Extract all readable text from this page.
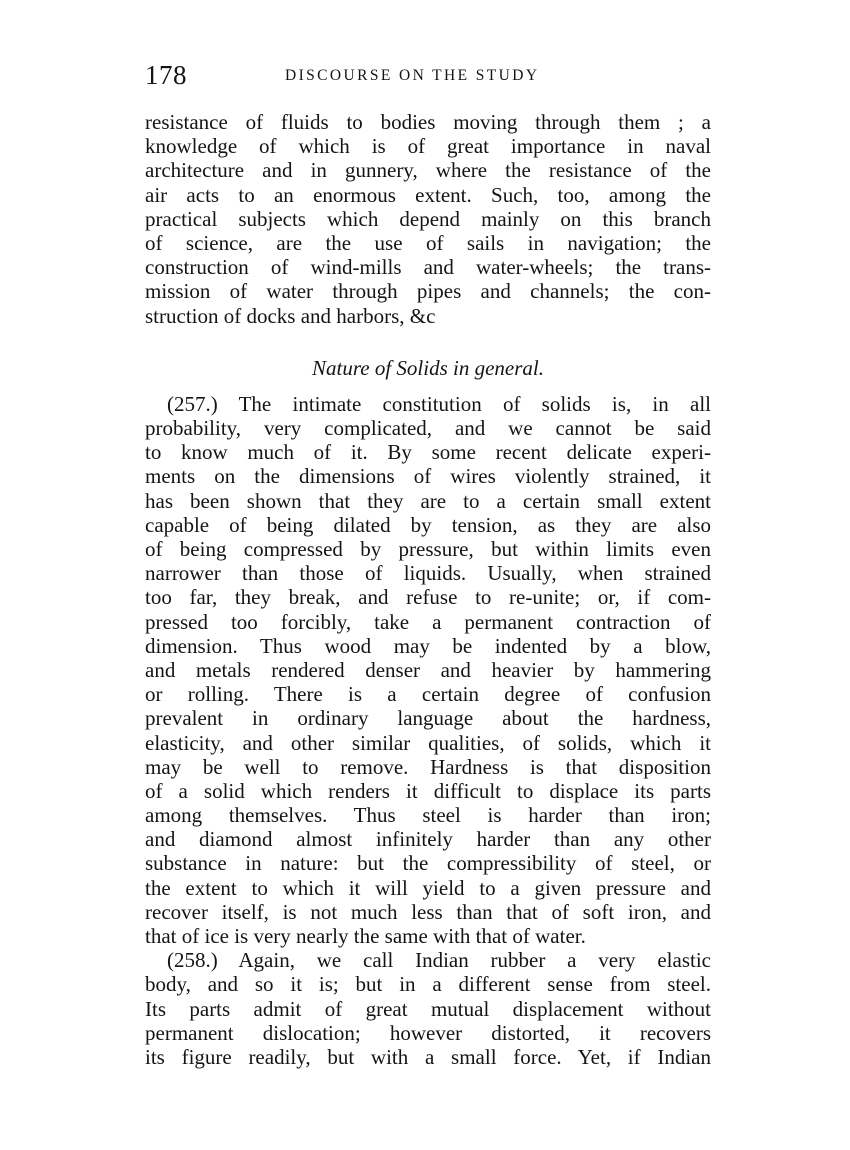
178	DISCOURSE ON THE STUDY
resistance of fluids to bodies moving through them ; a
knowledge of which is of great importance in naval
architecture and in gunnery, where the resistance of the
air acts to an enormous extent. Such, too, among the
practical subjects which depend mainly on this branch
of science, are the use of sails in navigation; the
construction of wind-mills and water-wheels; the trans-
mission of water through pipes and channels; the con-
struction of docks and harbors, &c
Nature of Solids in general.
(257.) The intimate constitution of solids is, in all
probability, very complicated, and we cannot be said
to know much of it. By some recent delicate experi-
ments on the dimensions of wires violently strained, it
has been shown that they are to a certain small extent
capable of being dilated by tension, as they are also
of being compressed by pressure, but within limits even
narrower than those of liquids. Usually, when strained
too far, they break, and refuse to re-unite; or, if com-
pressed too forcibly, take a permanent contraction of
dimension. Thus wood may be indented by a blow,
and metals rendered denser and heavier by hammering
or rolling. There is a certain degree of confusion
prevalent in ordinary language about the hardness,
elasticity, and other similar qualities, of solids, which it
may be well to remove. Hardness is that disposition
of a solid which renders it difficult to displace its parts
among themselves. Thus steel is harder than iron;
and diamond almost infinitely harder than any other
substance in nature: but the compressibility of steel, or
the extent to which it will yield to a given pressure and
recover itself, is not much less than that of soft iron, and
that of ice is very nearly the same with that of water.
(258.) Again, we call Indian rubber a very elastic
body, and so it is; but in a different sense from steel.
Its parts admit of great mutual displacement without
permanent dislocation; however distorted, it recovers
its figure readily, but with a small force. Yet, if Indian
